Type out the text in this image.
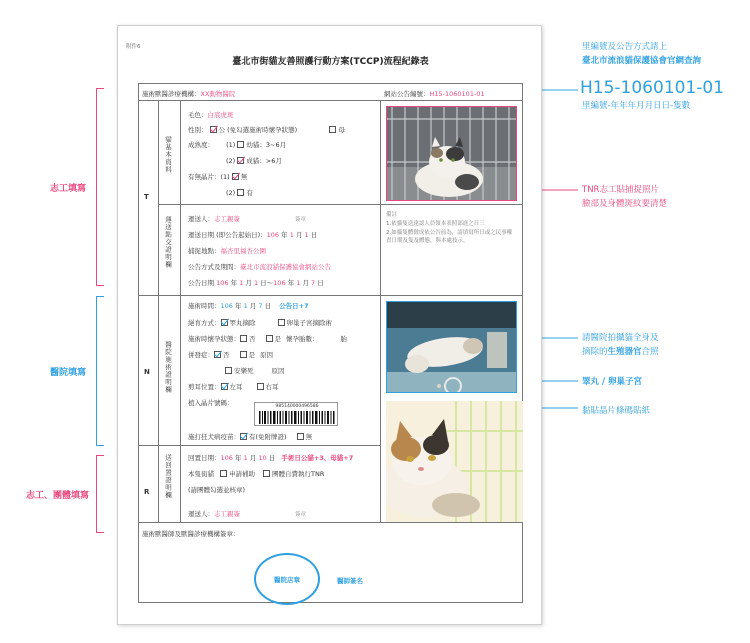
志工填寫
醫院填寫
志工、團體填寫
里編號及公告方式請上
臺北市流浪貓保護協會官網查詢
H15-1060101-01
里編號-年年年月月日日-隻數
TNR志工貼捕捉照片
臉部及身體斑紋要清楚
請醫院拍攝貓全身及
摘除的生殖器官合照
睪丸 / 卵巢子宮
黏貼晶片條碼貼紙
附件6
臺北市街貓友善照護行動方案(TCCP)流程紀錄表
施術獸醫診療機構：XX動物醫院	網站公告編號：H15-1060101-01
T
貓基本資料
毛色：白底虎斑
性別： 公 (免勾選施術時懷孕狀態)	母
成熟度： (1) 幼貓：3~6月
(2) 成貓：>6月
有無晶片：(1) 無
(2) 有
運送點交證明欄 運送人：志工親簽	簽章
運送日期 (即公告起始日)：106 年 1 月 1 日
捕捉地點：福杏里福杏公園
公告方式及期間：臺北市流浪貓保護協會網站公告
公告日期 106 年 1 月 1 日～106 年 1 月 7 日
備註
1.依貓隻送達認人員領本表照部進之日三
2.如貓隻體徵成依公告前為，請填寫所日或之民事權 責日期及隻及體態，與本處技示。
N 醫院施術證明欄
施術時間：106 年 1 月 7 日 公告日+7
絕育方式： 睪丸摘除	卵巢子宮摘除術
施術時懷孕狀態： 否	是 懷孕胎數：	胎
併發症： 否	是 原因
安樂死	原因
剪耳位置： 左耳	右耳
植入晶片號碼：	985140000496586
施打狂犬病疫苗： 有(免附牌證)	無
R 送回置證明欄 回置日期：106 年 1 月 10 日 手術日公貓+3、母貓+7
本隻街貓 申請補助	團體自費執行TNR
(請團體勾選並核章)
運送人：志工親簽	簽章
施術獸醫師及獸醫診療機構簽章：
醫院店章	醫師簽名
